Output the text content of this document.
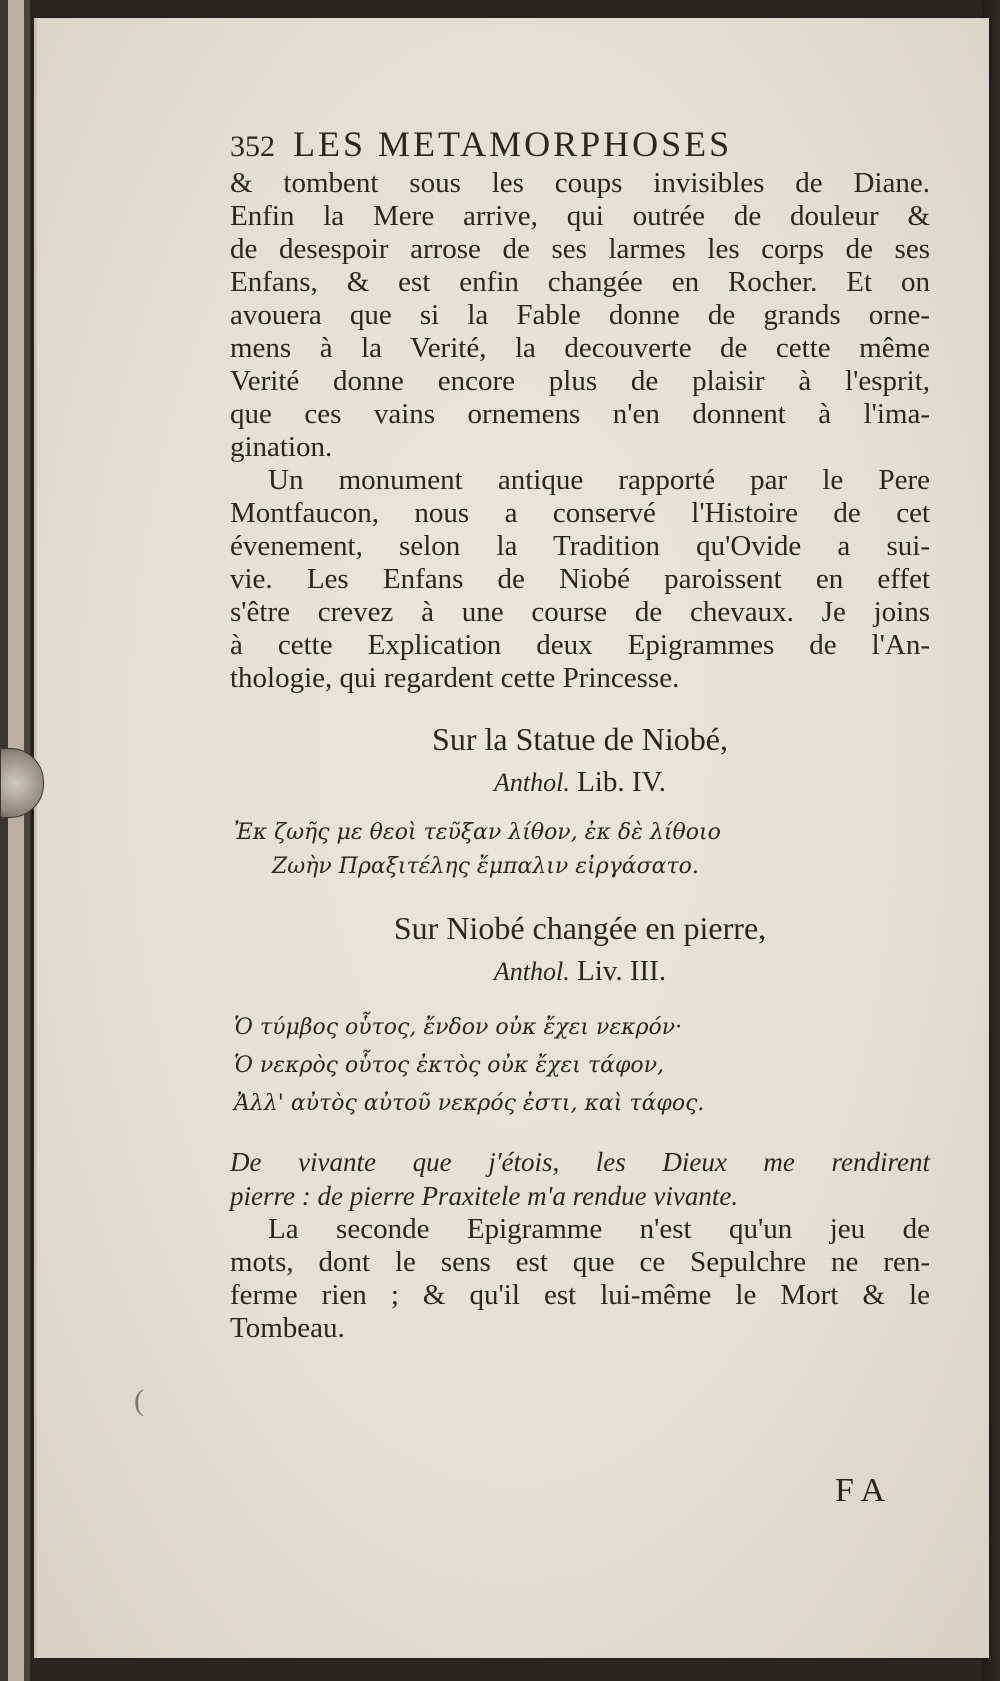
352 LES METAMORPHOSES
& tombent sous les coups invisibles de Diane.
Enfin la Mere arrive, qui outrée de douleur &
de desespoir arrose de ses larmes les corps de ses
Enfans, & est enfin changée en Rocher. Et on
avouera que si la Fable donne de grands orne-
mens à la Verité, la decouverte de cette même
Verité donne encore plus de plaisir à l'esprit,
que ces vains ornemens n'en donnent à l'ima-
gination.
Un monument antique rapporté par le Pere
Montfaucon, nous a conservé l'Histoire de cet
évenement, selon la Tradition qu'Ovide a sui-
vie. Les Enfans de Niobé paroissent en effet
s'être crevez à une course de chevaux. Je joins
à cette Explication deux Epigrammes de l'An-
thologie, qui regardent cette Princesse.
Sur la Statue de Niobé,
Anthol. Lib. IV.
Ἐκ ζωῆς με θεοὶ τεῦξαν λίθον, ἐκ δὲ λίθοιο
Ζωὴν Πραξιτέλης ἔμπαλιν εἰργάσατο.
Sur Niobé changée en pierre,
Anthol. Liv. III.
Ὁ τύμβος οὗτος, ἔνδον οὐκ ἔχει νεκρόν·
Ὁ νεκρὸς οὗτος ἐκτὸς οὐκ ἔχει τάφον,
Ἀλλ' αὐτὸς αὐτοῦ νεκρός ἐστι, καὶ τάφος.
De vivante que j'étois, les Dieux me rendirent
pierre : de pierre Praxitele m'a rendue vivante.
La seconde Epigramme n'est qu'un jeu de
mots, dont le sens est que ce Sepulchre ne ren-
ferme rien ; & qu'il est lui-même le Mort & le
Tombeau.
(
F A
